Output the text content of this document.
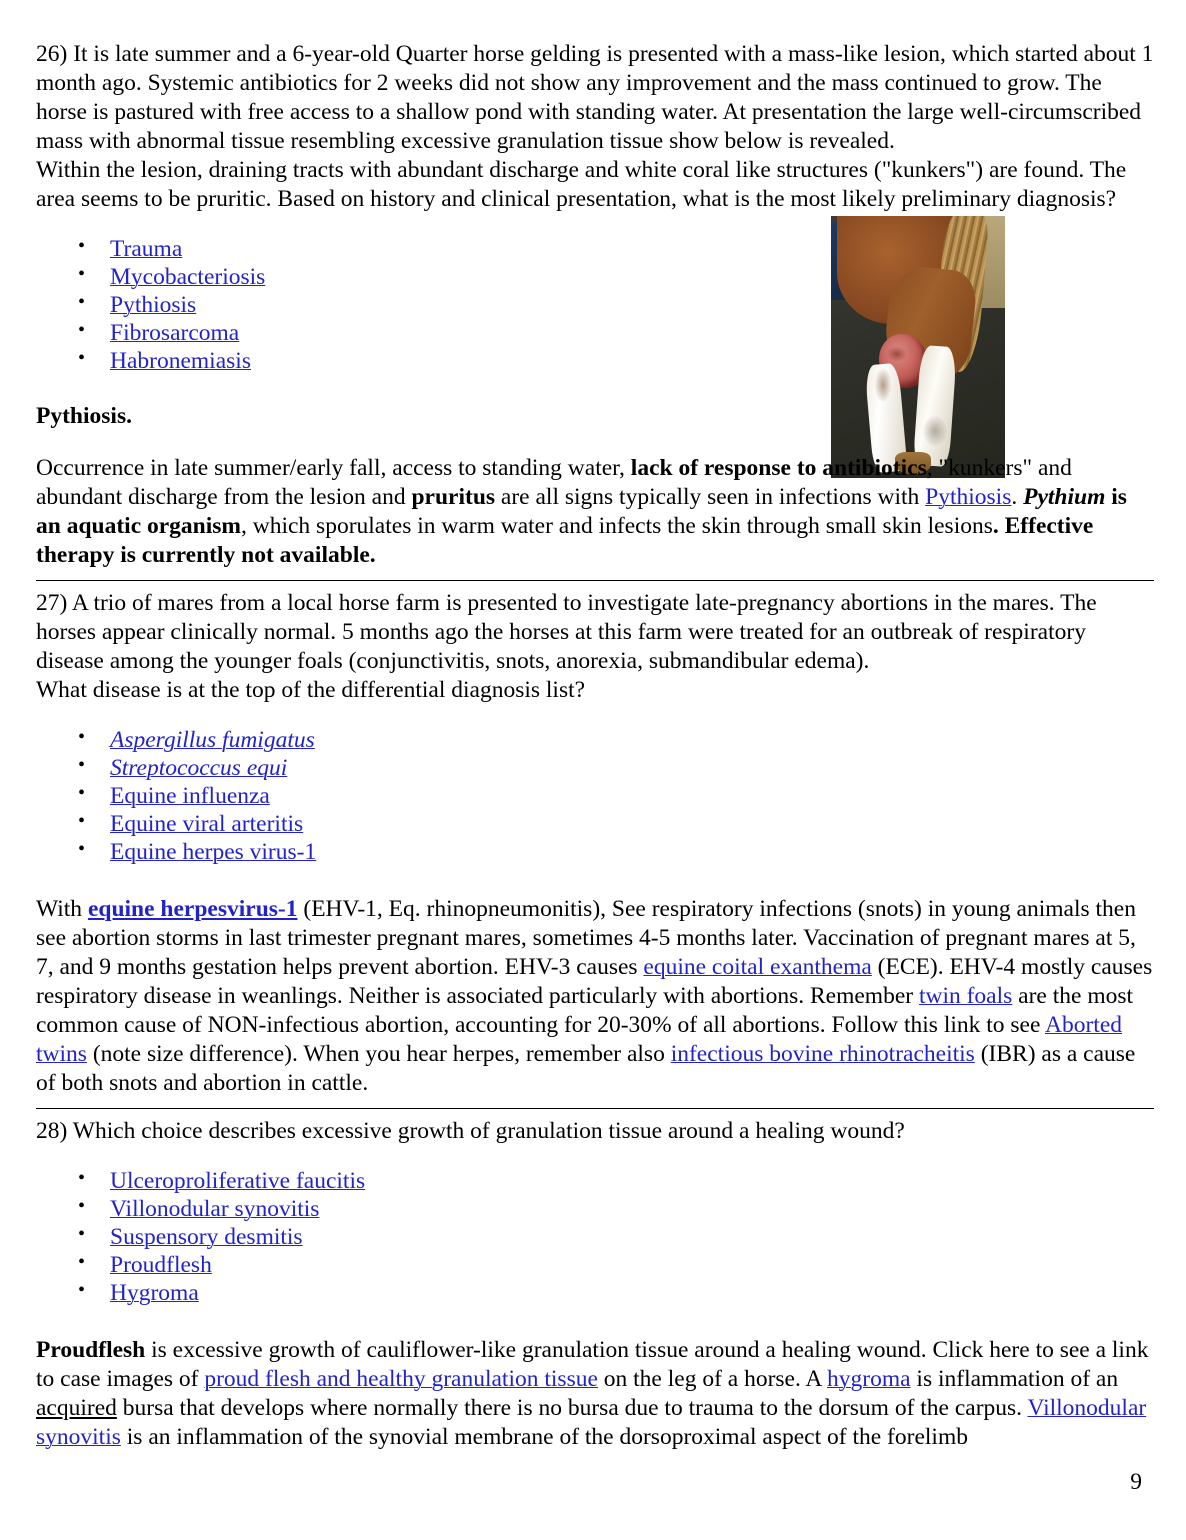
26) It is late summer and a 6-year-old Quarter horse gelding is presented with a mass-like lesion, which started about 1 month ago. Systemic antibiotics for 2 weeks did not show any improvement and the mass continued to grow. The horse is pastured with free access to a shallow pond with standing water. At presentation the large well-circumscribed mass with abnormal tissue resembling excessive granulation tissue show below is revealed.

Within the lesion, draining tracts with abundant discharge and white coral like structures ("kunkers") are found. The area seems to be pruritic. Based on history and clinical presentation, what is the most likely preliminary diagnosis?

• Trauma
• Mycobacteriosis
• Pythiosis
• Fibrosarcoma
• Habronemiasis

Pythiosis.

Occurrence in late summer/early fall, access to standing water, lack of response to antibiotics, "kunkers" and abundant discharge from the lesion and pruritus are all signs typically seen in infections with Pythiosis. Pythium is an aquatic organism, which sporulates in warm water and infects the skin through small skin lesions. Effective therapy is currently not available.

27) A trio of mares from a local horse farm is presented to investigate late-pregnancy abortions in the mares. The horses appear clinically normal. 5 months ago the horses at this farm were treated for an outbreak of respiratory disease among the younger foals (conjunctivitis, snots, anorexia, submandibular edema).

What disease is at the top of the differential diagnosis list?

• Aspergillus fumigatus
• Streptococcus equi
• Equine influenza
• Equine viral arteritis
• Equine herpes virus-1

With equine herpesvirus-1 (EHV-1, Eq. rhinopneumonitis), See respiratory infections (snots) in young animals then see abortion storms in last trimester pregnant mares, sometimes 4-5 months later. Vaccination of pregnant mares at 5, 7, and 9 months gestation helps prevent abortion. EHV-3 causes equine coital exanthema (ECE). EHV-4 mostly causes respiratory disease in weanlings. Neither is associated particularly with abortions. Remember twin foals are the most common cause of NON-infectious abortion, accounting for 20-30% of all abortions. Follow this link to see Aborted twins (note size difference). When you hear herpes, remember also infectious bovine rhinotracheitis (IBR) as a cause of both snots and abortion in cattle.

28) Which choice describes excessive growth of granulation tissue around a healing wound?

• Ulceroproliferative faucitis
• Villonodular synovitis
• Suspensory desmitis
• Proudflesh
• Hygroma

Proudflesh is excessive growth of cauliflower-like granulation tissue around a healing wound. Click here to see a link to case images of proud flesh and healthy granulation tissue on the leg of a horse. A hygroma is inflammation of an acquired bursa that develops where normally there is no bursa due to trauma to the dorsum of the carpus. Villonodular synovitis is an inflammation of the synovial membrane of the dorsoproximal aspect of the forelimb

9
